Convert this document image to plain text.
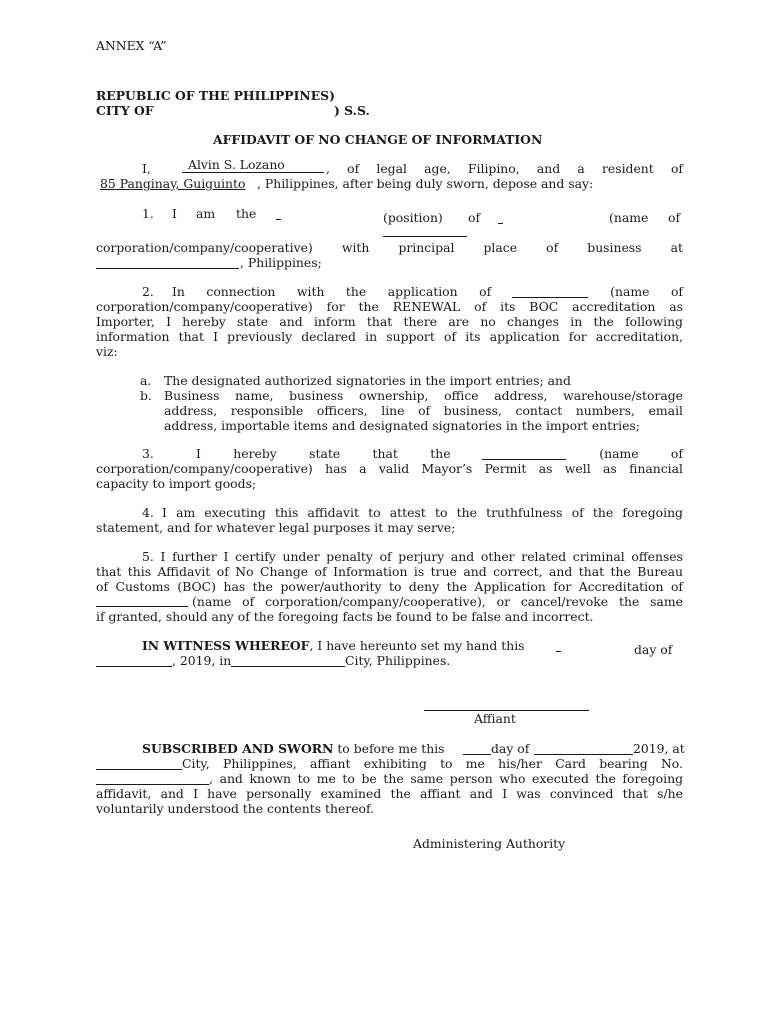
ANNEX “A”
REPUBLIC OF THE PHILIPPINES)
CITY OF	) S.S.
AFFIDAVIT OF NO CHANGE OF INFORMATION
I,	Alvin S. Lozano	, of legal age, Filipino, and a resident of
85 Panginay, Guiguinto , Philippines, after being duly sworn, depose and say:
1. I am the	(position) of	(name of
corporation/company/cooperative) with principal place of business at
, Philippines;
2. In connection with the application of	(name of
corporation/company/cooperative) for the RENEWAL of its BOC accreditation as
Importer, I hereby state and inform that there are no changes in the following
information that I previously declared in support of its application for accreditation,
viz:
a.	The designated authorized signatories in the import entries; and
b. Business name, business ownership, office address, warehouse/storage
address, responsible officers, line of business, contact numbers, email
address, importable items and designated signatories in the import entries;
3.	I	hereby	state	that	the	(name	of
corporation/company/cooperative) has a valid Mayor’s Permit as well as financial
capacity to import goods;
4. I am executing this affidavit to attest to the truthfulness of the foregoing
statement, and for whatever legal purposes it may serve;
5. I further I certify under penalty of perjury and other related criminal offenses
that this Affidavit of No Change of Information is true and correct, and that the Bureau
of Customs (BOC) has the power/authority to deny the Application for Accreditation of
(name of corporation/company/cooperative), or cancel/revoke the same
if granted, should any of the foregoing facts be found to be false and incorrect.
IN WITNESS WHEREOF, I have hereunto set my hand this	day of
, 2019, in	City, Philippines.
Affiant
SUBSCRIBED AND SWORN to before me this	day of	2019, at
City, Philippines, affiant exhibiting to me his/her Card bearing No.
, and known to me to be the same person who executed the foregoing
affidavit, and I have personally examined the affiant and I was convinced that s/he
voluntarily understood the contents thereof.
Administering Authority
